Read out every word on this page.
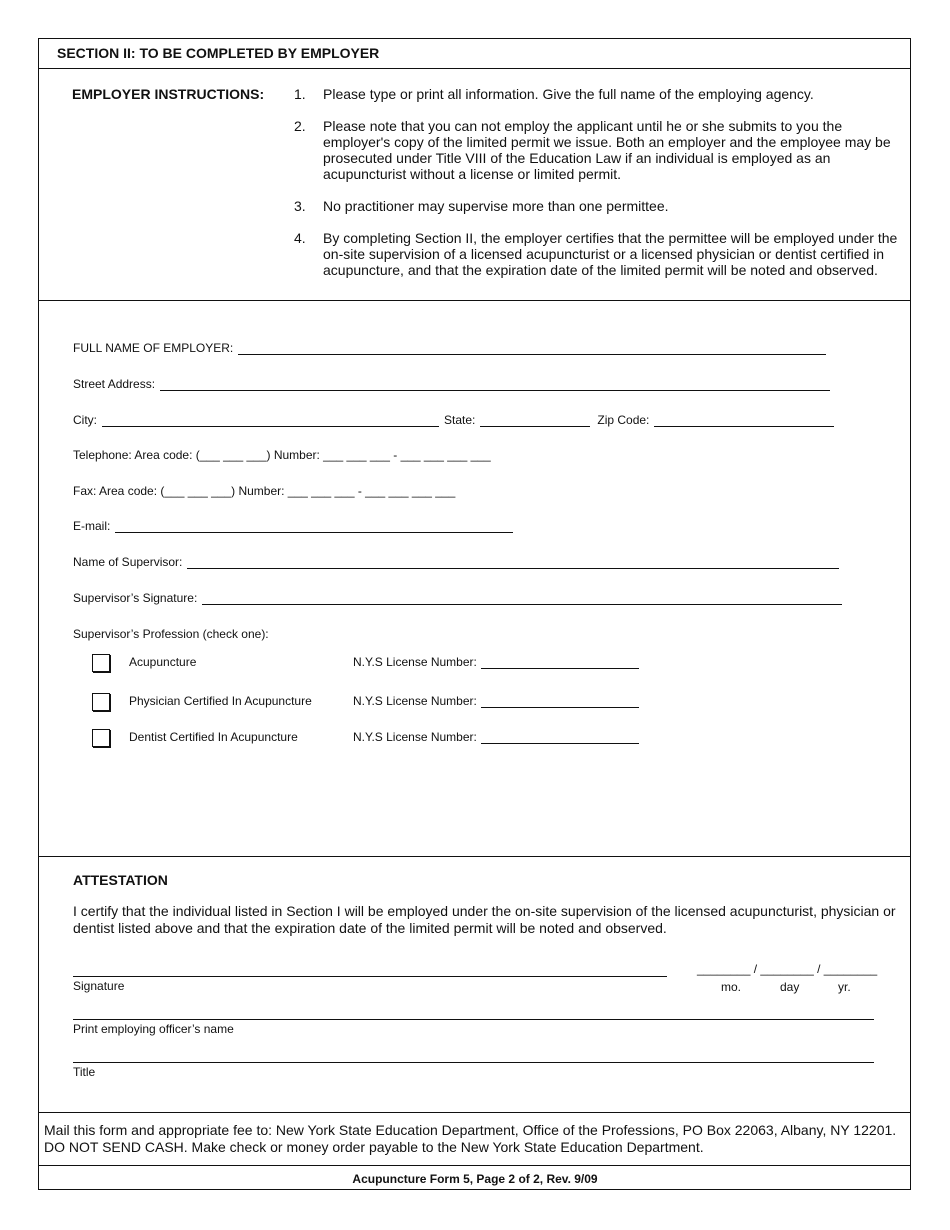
SECTION II: TO BE COMPLETED BY EMPLOYER
EMPLOYER INSTRUCTIONS: 1. Please type or print all information. Give the full name of the employing agency.
2. Please note that you can not employ the applicant until he or she submits to you the employer's copy of the limited permit we issue. Both an employer and the employee may be prosecuted under Title VIII of the Education Law if an individual is employed as an acupuncturist without a license or limited permit.
3. No practitioner may supervise more than one permittee.
4. By completing Section II, the employer certifies that the permittee will be employed under the on-site supervision of a licensed acupuncturist or a licensed physician or dentist certified in acupuncture, and that the expiration date of the limited permit will be noted and observed.
FULL NAME OF EMPLOYER:
Street Address:
City:	State:	Zip Code:
Telephone: Area code: (___ ___ ___) Number: ___ ___ ___ - ___ ___ ___ ___
Fax: Area code: (___ ___ ___) Number: ___ ___ ___ - ___ ___ ___ ___
E-mail:
Name of Supervisor:
Supervisor’s Signature:
Supervisor’s Profession (check one):
Acupuncture	N.Y.S License Number:
Physician Certified In Acupuncture	N.Y.S License Number:
Dentist Certified In Acupuncture	N.Y.S License Number:
ATTESTATION
I certify that the individual listed in Section I will be employed under the on-site supervision of the licensed acupuncturist, physician or dentist listed above and that the expiration date of the limited permit will be noted and observed.
________ / ________ / ________
Signature	mo.	day	yr.
Print employing officer’s name
Title
Mail this form and appropriate fee to: New York State Education Department, Office of the Professions, PO Box 22063, Albany, NY 12201. DO NOT SEND CASH. Make check or money order payable to the New York State Education Department.
Acupuncture Form 5, Page 2 of 2, Rev. 9/09
